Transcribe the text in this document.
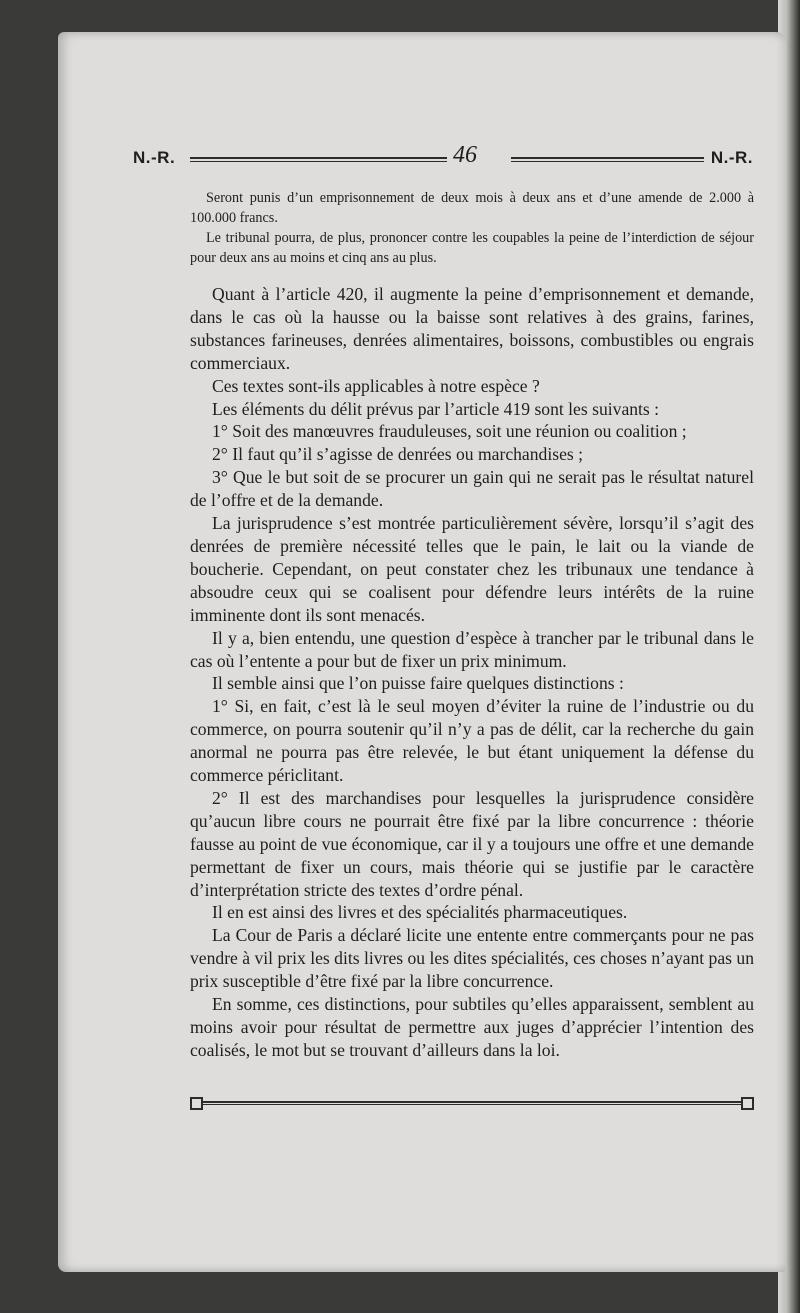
N.-R.	46	N.-R.

Seront punis d’un emprisonnement de deux mois à deux ans et d’une amende de 2.000 à 100.000 francs.

Le tribunal pourra, de plus, prononcer contre les coupables la peine de l’interdiction de séjour pour deux ans au moins et cinq ans au plus.

Quant à l’article 420, il augmente la peine d’emprisonnement et demande, dans le cas où la hausse ou la baisse sont relatives à des grains, farines, substances farineuses, denrées alimentaires, boissons, combustibles ou engrais commerciaux.

Ces textes sont-ils applicables à notre espèce ?

Les éléments du délit prévus par l’article 419 sont les suivants :

1° Soit des manœuvres frauduleuses, soit une réunion ou coalition ;

2° Il faut qu’il s’agisse de denrées ou marchandises ;

3° Que le but soit de se procurer un gain qui ne serait pas le résultat naturel de l’offre et de la demande.

La jurisprudence s’est montrée particulièrement sévère, lorsqu’il s’agit des denrées de première nécessité telles que le pain, le lait ou la viande de boucherie. Cependant, on peut constater chez les tribunaux une tendance à absoudre ceux qui se coalisent pour défendre leurs intérêts de la ruine imminente dont ils sont menacés.

Il y a, bien entendu, une question d’espèce à trancher par le tribunal dans le cas où l’entente a pour but de fixer un prix minimum.

Il semble ainsi que l’on puisse faire quelques distinctions :

1° Si, en fait, c’est là le seul moyen d’éviter la ruine de l’industrie ou du commerce, on pourra soutenir qu’il n’y a pas de délit, car la recherche du gain anormal ne pourra pas être relevée, le but étant uniquement la défense du commerce périclitant.

2° Il est des marchandises pour lesquelles la jurisprudence considère qu’aucun libre cours ne pourrait être fixé par la libre concurrence : théorie fausse au point de vue économique, car il y a toujours une offre et une demande permettant de fixer un cours, mais théorie qui se justifie par le caractère d’interprétation stricte des textes d’ordre pénal.

Il en est ainsi des livres et des spécialités pharmaceutiques.

La Cour de Paris a déclaré licite une entente entre commerçants pour ne pas vendre à vil prix les dits livres ou les dites spécialités, ces choses n’ayant pas un prix susceptible d’être fixé par la libre concurrence.

En somme, ces distinctions, pour subtiles qu’elles apparaissent, semblent au moins avoir pour résultat de permettre aux juges d’apprécier l’intention des coalisés, le mot but se trouvant d’ailleurs dans la loi.
